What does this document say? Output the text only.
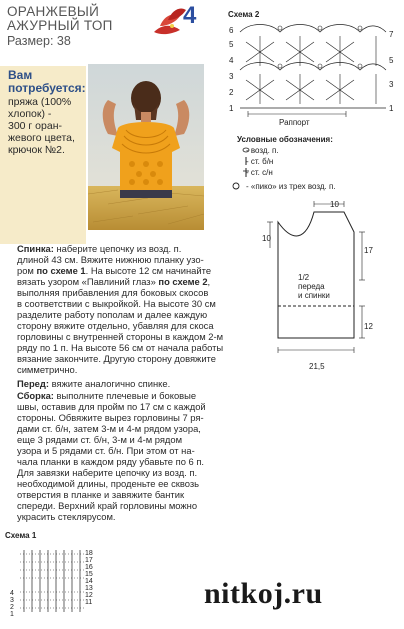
ОРАНЖЕВЫЙ
АЖУРНЫЙ ТОП
Размер: 38
4
Вам
потребуется:
пряжа (100%
хлопок) -
300 г оран-
жевого цвета,
крючок №2.
Спинка: наберите цепочку из возд. п.
длиной 43 см. Вяжите нижнюю планку узо-
ром по схеме 1. На высоте 12 см начинайте
вязать узором «Павлиний глаз» по схеме 2,
выполняя прибавления для боковых скосов
в соответствии с выкройкой. На высоте 30 см
разделите работу пополам и далее каждую
сторону вяжите отдельно, убавляя для скоса
горловины с внутренней стороны в каждом 2-м
ряду по 1 п. На высоте 56 см от начала работы
вязание закончите. Другую сторону довяжите
симметрично.
Перед: вяжите аналогично спинке.
Сборка: выполните плечевые и боковые
швы, оставив для пройм по 17 см с каждой
стороны. Обвяжите вырез горловины 7 ря-
дами ст. б/н, затем 3-м и 4-м рядом узора,
еще 3 рядами ст. б/н, 3-м и 4-м рядом
узора и 5 рядами ст. б/н. При этом от на-
чала планки в каждом ряду убавьте по 6 п.
Для завязки наберите цепочку из возд. п.
необходимой длины, проденьте ее сквозь
отверстия в планке и завяжите бантик
спереди. Верхний край горловины можно
украсить стеклярусом.
Схема 2
6
5
4
3
2
1
7
5
3
1
Раппорт
Условные обозначения:
- возд. п.
- ст. б/н
- ст. с/н
- «пико» из трех возд. п.
10
10
17
1/2
переда
и спинки
12
21,5
Схема 1
18
17
16
15
14
13
12
11
4
3
2
1
nitkoj.ru
